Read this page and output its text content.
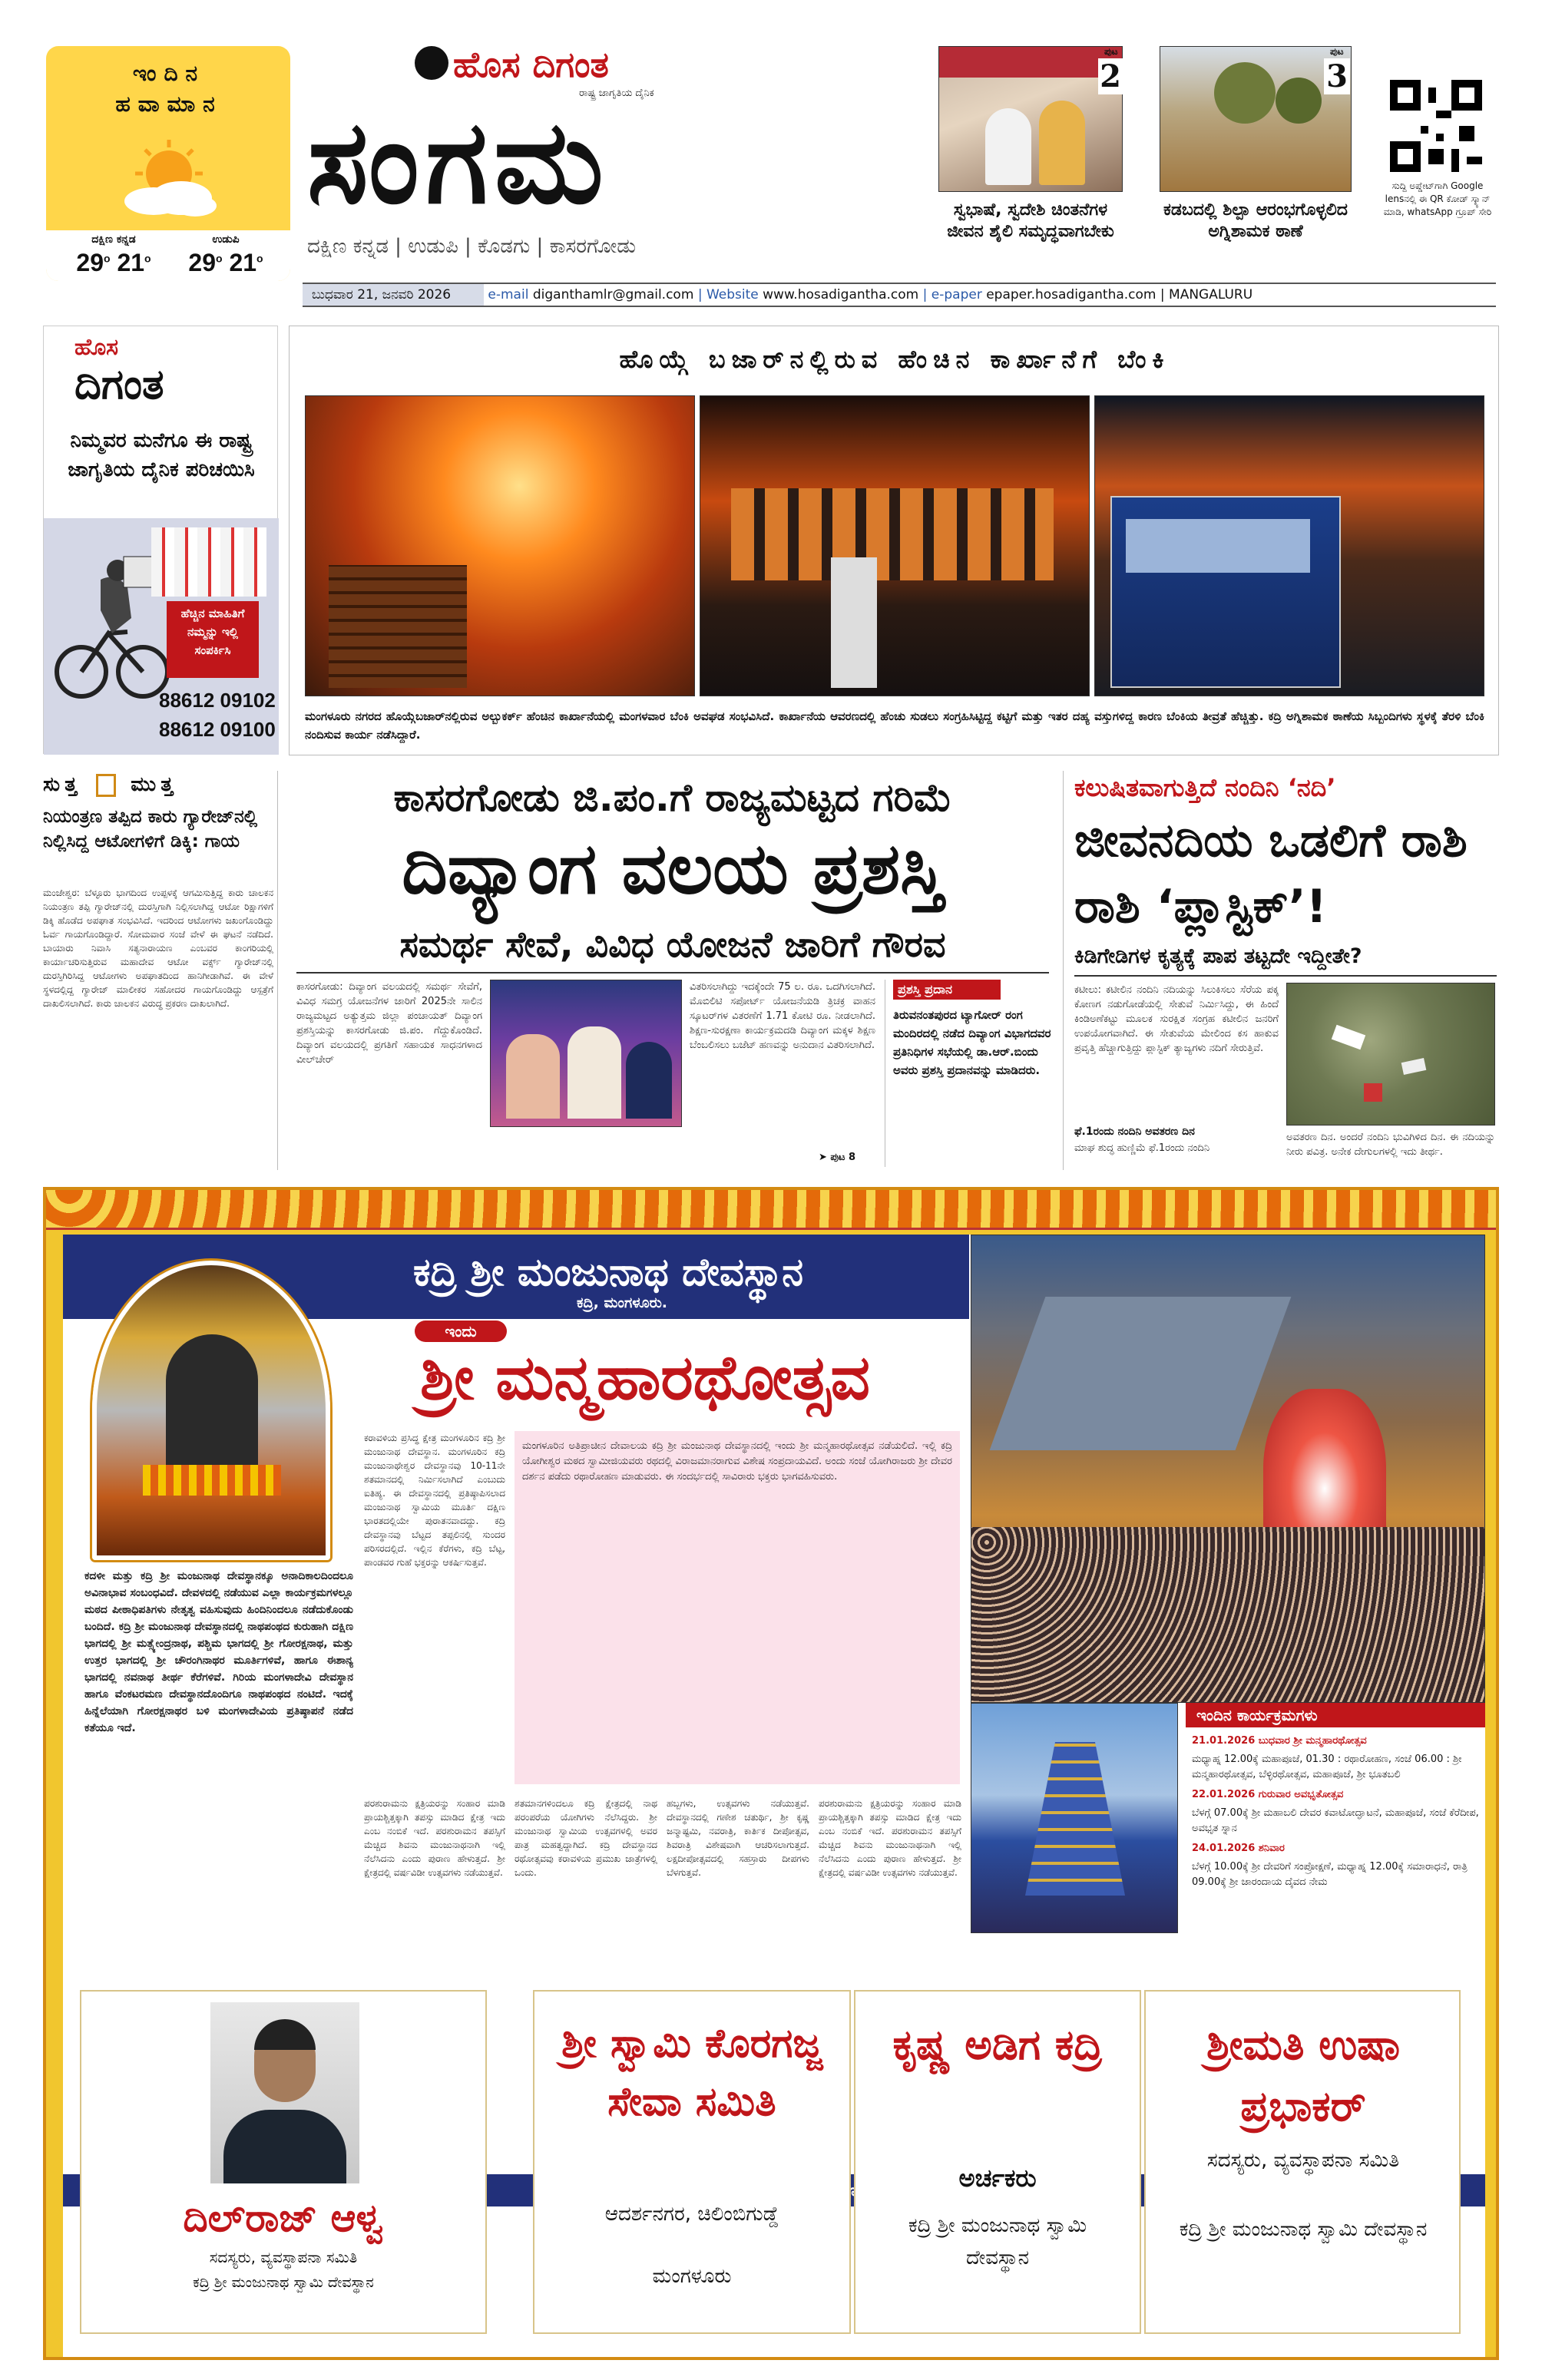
ಇಂದಿನ ಹವಾಮಾನ
ದಕ್ಷಿಣ ಕನ್ನಡ	ಉಡುಪಿ
29$^o$ 21$^o$	29$^o$ 21$^o$
ಹೊಸ ದಿಗಂತ
ರಾಷ್ಟ್ರ ಜಾಗೃತಿಯ ದೈನಿಕ
ಸಂಗಮ
ದಕ್ಷಿಣ ಕನ್ನಡ | ಉಡುಪಿ | ಕೊಡಗು | ಕಾಸರಗೋಡು
ಬುಧವಾರ 21, ಜನವರಿ 2026	e-mail diganthamlr@gmail.com | Website www.hosadigantha.com | e-paper epaper.hosadigantha.com | MANGALURU
ಪುಟ
2
ಸ್ವಭಾಷೆ, ಸ್ವದೇಶಿ ಚಿಂತನೆಗಳ ಜೀವನ ಶೈಲಿ ಸಮೃದ್ಧವಾಗಬೇಕು
ಪುಟ
3
ಕಡಬದಲ್ಲಿ ಶಿಲ್ಪಾ ಆರಂಭಗೊಳ್ಳಲಿದ ಅಗ್ನಿಶಾಮಕ ಠಾಣೆ
ಸುದ್ದಿ ಅಪ್ಡೇಟ್‌ಗಾಗಿ Google lensನಲ್ಲಿ ಈ QR ಕೋಡ್ ಸ್ಕ್ಯಾನ್ ಮಾಡಿ, whatsApp ಗ್ರೂಪ್ ಸೇರಿ
ಹೊಸ
ದಿಗಂತ
ನಿಮ್ಮವರ ಮನೆಗೂ ಈ ರಾಷ್ಟ್ರ ಜಾಗೃತಿಯ ದೈನಿಕ ಪರಿಚಯಿಸಿ
ಹೆಚ್ಚಿನ ಮಾಹಿತಿಗೆ ನಮ್ಮನ್ನು ಇಲ್ಲಿ ಸಂಪರ್ಕಿಸಿ
88612 09102
88612 09100
ಹೊಯ್ಗೆ ಬಜಾರ್‌ನಲ್ಲಿರುವ ಹೆಂಚಿನ ಕಾರ್ಖಾನೆಗೆ ಬೆಂಕಿ
ಮಂಗಳೂರು ನಗರದ ಹೊಯ್ಗೆಬಜಾರ್‌ನಲ್ಲಿರುವ ಅಲ್ಬುಕರ್ಕ್ ಹೆಂಚಿನ ಕಾರ್ಖಾನೆಯಲ್ಲಿ ಮಂಗಳವಾರ ಬೆಂಕಿ ಅವಘಡ ಸಂಭವಿಸಿದೆ. ಕಾರ್ಖಾನೆಯ ಆವರಣದಲ್ಲಿ ಹೆಂಚು ಸುಡಲು ಸಂಗ್ರಹಿಸಿಟ್ಟಿದ್ದ ಕಟ್ಟಿಗೆ ಮತ್ತು ಇತರ ದಹ್ಯ ವಸ್ತುಗಳಿದ್ದ ಕಾರಣ ಬೆಂಕಿಯ ತೀವ್ರತೆ ಹೆಚ್ಚಿತ್ತು. ಕದ್ರಿ ಅಗ್ನಿಶಾಮಕ ಠಾಣೆಯ ಸಿಬ್ಬಂದಿಗಳು ಸ್ಥಳಕ್ಕೆ ತೆರಳಿ ಬೆಂಕಿ ನಂದಿಸುವ ಕಾರ್ಯ ನಡೆಸಿದ್ದಾರೆ.
ಸುತ್ತ ಮುತ್ತ
ನಿಯಂತ್ರಣ ತಪ್ಪಿದ ಕಾರು ಗ್ಯಾರೇಜ್‌ನಲ್ಲಿ ನಿಲ್ಲಿಸಿದ್ದ ಆಟೋಗಳಿಗೆ ಡಿಕ್ಕಿ: ಗಾಯ
ಮಂಜೇಶ್ವರ: ಬೆಳ್ಳೂರು ಭಾಗದಿಂದ ಉಪ್ಪಳಕ್ಕೆ ಆಗಮಿಸುತ್ತಿದ್ದ ಕಾರು ಚಾಲಕನ ನಿಯಂತ್ರಣ ತಪ್ಪಿ ಗ್ಯಾರೇಜ್‌ನಲ್ಲಿ ದುರಸ್ತಿಗಾಗಿ ನಿಲ್ಲಿಸಲಾಗಿದ್ದ ಆಟೋ ರಿಕ್ಷಾಗಳಿಗೆ ಡಿಕ್ಕಿ ಹೊಡೆದ ಅಪಘಾತ ಸಂಭವಿಸಿದೆ. ಇದರಿಂದ ಆಟೋಗಳು ಜಖಂಗೊಂಡಿದ್ದು ಓರ್ವ ಗಾಯಗೊಂಡಿದ್ದಾರೆ. ಸೋಮವಾರ ಸಂಜೆ ವೇಳೆ ಈ ಘಟನೆ ನಡೆದಿದೆ. ಬಾಯಾರು ನಿವಾಸಿ ಸತ್ಯನಾರಾಯಣ ಎಂಬವರ ಕಾಂಗರಿಯಲ್ಲಿ ಕಾರ್ಯಾಚರಿಸುತ್ತಿರುವ ಮಹಾದೇವ ಆಟೋ ವರ್ಕ್ಸ್ ಗ್ಯಾರೇಜ್‌ನಲ್ಲಿ ದುರಸ್ತಿಗಿರಿಸಿದ್ದ ಆಟೋಗಳು ಅಪಘಾತದಿಂದ ಹಾನಿಗೀಡಾಗಿವೆ. ಈ ವೇಳೆ ಸ್ಥಳದಲ್ಲಿದ್ದ ಗ್ಯಾರೇಜ್ ಮಾಲೀಕರ ಸಹೋದರ ಗಾಯಗೊಂಡಿದ್ದು ಆಸ್ಪತ್ರೆಗೆ ದಾಖಲಿಸಲಾಗಿದೆ. ಕಾರು ಚಾಲಕನ ವಿರುದ್ಧ ಪ್ರಕರಣ ದಾಖಲಾಗಿದೆ.
ಕಾಸರಗೋಡು ಜಿ.ಪಂ.ಗೆ ರಾಜ್ಯಮಟ್ಟದ ಗರಿಮೆ
ದಿವ್ಯಾಂಗ ವಲಯ ಪ್ರಶಸ್ತಿ
ಸಮರ್ಥ ಸೇವೆ, ವಿವಿಧ ಯೋಜನೆ ಜಾರಿಗೆ ಗೌರವ
ಕಾಸರಗೋಡು: ದಿವ್ಯಾಂಗ ವಲಯದಲ್ಲಿ ಸಮರ್ಥ ಸೇವೆಗೆ, ವಿವಿಧ ಸಮಗ್ರ ಯೋಜನೆಗಳ ಜಾರಿಗೆ 2025ನೇ ಸಾಲಿನ ರಾಜ್ಯಮಟ್ಟದ ಅತ್ಯುತ್ತಮ ಜಿಲ್ಲಾ ಪಂಚಾಯತ್ ದಿವ್ಯಾಂಗ ಪ್ರಶಸ್ತಿಯನ್ನು ಕಾಸರಗೋಡು ಜಿ.ಪಂ. ಗೆದ್ದುಕೊಂಡಿದೆ. ದಿವ್ಯಾಂಗ ವಲಯದಲ್ಲಿ ಪ್ರಗತಿಗೆ ಸಹಾಯಕ ಸಾಧನಗಳಾದ ವೀಲ್‌ಚೇರ್
ವಿತರಿಸಲಾಗಿದ್ದು ಇದಕ್ಕೆಂದೇ 75 ಲ. ರೂ. ಒದಗಿಸಲಾಗಿದೆ. ಮೊಬಿಲಿಟಿ ಸಪೋರ್ಟ್ ಯೋಜನೆಯಡಿ ತ್ರಿಚಕ್ರ ವಾಹನ ಸ್ಕೂಟರ್‌ಗಳ ವಿತರಣೆಗೆ 1.71 ಕೋಟಿ ರೂ. ನೀಡಲಾಗಿದೆ. ಶಿಕ್ಷಣ-ಸುರಕ್ಷಣಾ ಕಾರ್ಯಕ್ರಮದಡಿ ದಿವ್ಯಾಂಗ ಮಕ್ಕಳ ಶಿಕ್ಷಣ ಬೆಂಬಲಿಸಲು ಬಜೆಟ್ ಹಣವನ್ನು ಅನುದಾನ ವಿತರಿಸಲಾಗಿದೆ.
➤ ಪುಟ 8
ಪ್ರಶಸ್ತಿ ಪ್ರದಾನ
ತಿರುವನಂತಪುರದ ಟ್ಯಾಗೋರ್ ರಂಗ ಮಂದಿರದಲ್ಲಿ ನಡೆದ ದಿವ್ಯಾಂಗ ವಿಭಾಗದವರ ಪ್ರತಿನಿಧಿಗಳ ಸಭೆಯಲ್ಲಿ ಡಾ.ಆರ್.ಬಿಂದು ಅವರು ಪ್ರಶಸ್ತಿ ಪ್ರದಾನವನ್ನು ಮಾಡಿದರು.
ಕಲುಷಿತವಾಗುತ್ತಿದೆ ನಂದಿನಿ ‘ನದಿ’
ಜೀವನದಿಯ ಒಡಲಿಗೆ ರಾಶಿ ರಾಶಿ ‘ಪ್ಲಾಸ್ಟಿಕ್’!
ಕಿಡಿಗೇಡಿಗಳ ಕೃತ್ಯಕ್ಕೆ ಪಾಪ ತಟ್ಟದೇ ಇದ್ದೀತೇ?
ಕಟೀಲು: ಕಟೀಲಿನ ನಂದಿನಿ ನದಿಯನ್ನು ಸಿಲುಕಿಸಲು ಸೆರೆಯ ಪಕ್ಕ ಕೋಣಗ ನಡುಗೋಡೆಯಲ್ಲಿ ಸೇತುವೆ ನಿರ್ಮಿಸಿದ್ದು, ಈ ಹಿಂದೆ ಕಿಂಡಿಅಣೆಕಟ್ಟು ಮೂಲಕ ಸುರಕ್ಷಿತ ಸಂಗ್ರಹ ಕಟೀಲಿನ ಜನರಿಗೆ ಉಪಯೋಗವಾಗಿದೆ. ಈ ಸೇತುವೆಯ ಮೇಲಿಂದ ಕಸ ಹಾಕುವ ಪ್ರವೃತ್ತಿ ಹೆಚ್ಚಾಗುತ್ತಿದ್ದು ಪ್ಲಾಸ್ಟಿಕ್ ತ್ಯಾಜ್ಯಗಳು ನದಿಗೆ ಸೇರುತ್ತಿವೆ.
ಫೆ.1ರಂದು ನಂದಿನಿ ಅವತರಣ ದಿನ
ಮಾಘ ಶುದ್ಧ ಹುಣ್ಣಿಮೆ ಫೆ.1ರಂದು ನಂದಿನಿ
ಅವತರಣ ದಿನ. ಅಂದರೆ ನಂದಿನಿ ಭುವಿಗಿಳಿದ ದಿನ. ಈ ನದಿಯನ್ನು ನೀರು ಪವಿತ್ರ. ಅನೇಕ ದೇಗುಲಗಳಲ್ಲಿ ಇದು ತೀರ್ಥ.
ಕದ್ರಿ ಶ್ರೀ ಮಂಜುನಾಥ ದೇವಸ್ಥಾನ
ಕದ್ರಿ, ಮಂಗಳೂರು.
ಇಂದು
ಶ್ರೀ ಮನ್ಮಹಾರಥೋತ್ಸವ
ಕದಳೀ ಮತ್ತು ಕದ್ರಿ ಶ್ರೀ ಮಂಜುನಾಥ ದೇವಸ್ಥಾನಕ್ಕೂ ಅನಾದಿಕಾಲದಿಂದಲೂ ಅವಿನಾಭಾವ ಸಂಬಂಧವಿದೆ. ದೇವಳದಲ್ಲಿ ನಡೆಯುವ ಎಲ್ಲಾ ಕಾರ್ಯಕ್ರಮಗಳಲ್ಲೂ ಮಠದ ಪೀಠಾಧಿಪತಿಗಳು ನೇತೃತ್ವ ವಹಿಸುವುದು ಹಿಂದಿನಿಂದಲೂ ನಡೆದುಕೊಂಡು ಬಂದಿದೆ. ಕದ್ರಿ ಶ್ರೀ ಮಂಜುನಾಥ ದೇವಸ್ಥಾನದಲ್ಲಿ ನಾಥಪಂಥದ ಕುರುಹಾಗಿ ದಕ್ಷಿಣ ಭಾಗದಲ್ಲಿ ಶ್ರೀ ಮತ್ಸ್ಯೇಂದ್ರನಾಥ, ಪಶ್ಚಿಮ ಭಾಗದಲ್ಲಿ ಶ್ರೀ ಗೋರಕ್ಷನಾಥ, ಮತ್ತು ಉತ್ತರ ಭಾಗದಲ್ಲಿ ಶ್ರೀ ಚೌರಂಗಿನಾಥರ ಮೂರ್ತಿಗಳಿವೆ, ಹಾಗೂ ಈಶಾನ್ಯ ಭಾಗದಲ್ಲಿ ನವನಾಥ ತೀರ್ಥ ಕೆರೆಗಳಿವೆ. ಗಿರಿಯ ಮಂಗಳಾದೇವಿ ದೇವಸ್ಥಾನ ಹಾಗೂ ವೆಂಕಟರಮಣ ದೇವಸ್ಥಾನದೊಂದಿಗೂ ನಾಥಪಂಥದ ನಂಟಿದೆ. ಇದಕ್ಕೆ ಹಿನ್ನೆಲೆಯಾಗಿ ಗೋರಕ್ಷನಾಥರ ಬಳಿ ಮಂಗಳಾದೇವಿಯ ಪ್ರತಿಷ್ಠಾಪನೆ ನಡೆದ ಕತೆಯೂ ಇದೆ.
ಕರಾವಳಿಯ ಪ್ರಸಿದ್ಧ ಕ್ಷೇತ್ರ ಮಂಗಳೂರಿನ ಕದ್ರಿ ಶ್ರೀ ಮಂಜುನಾಥ ದೇವಸ್ಥಾನ. ಮಂಗಳೂರಿನ ಕದ್ರಿ ಮಂಜುನಾಥೇಶ್ವರ ದೇವಸ್ಥಾನವು 10-11ನೇ ಶತಮಾನದಲ್ಲಿ ನಿರ್ಮಿಸಲಾಗಿದೆ ಎಂಬುದು ಐತಿಹ್ಯ. ಈ ದೇವಸ್ಥಾನದಲ್ಲಿ ಪ್ರತಿಷ್ಠಾಪಿಸಲಾದ ಮಂಜುನಾಥ ಸ್ವಾಮಿಯ ಮೂರ್ತಿ ದಕ್ಷಿಣ ಭಾರತದಲ್ಲಿಯೇ ಪುರಾತನವಾದದ್ದು. ಕದ್ರಿ ದೇವಸ್ಥಾನವು ಬೆಟ್ಟದ ತಪ್ಪಲಿನಲ್ಲಿ ಸುಂದರ ಪರಿಸರದಲ್ಲಿದೆ. ಇಲ್ಲಿನ ಕೆರೆಗಳು, ಕದ್ರಿ ಬೆಟ್ಟ, ಪಾಂಡವರ ಗುಹೆ ಭಕ್ತರನ್ನು ಆಕರ್ಷಿಸುತ್ತವೆ.
ಪರಶುರಾಮನು ಕ್ಷತ್ರಿಯರನ್ನು ಸಂಹಾರ ಮಾಡಿ ಪ್ರಾಯಶ್ಚಿತ್ತಕ್ಕಾಗಿ ತಪಸ್ಸು ಮಾಡಿದ ಕ್ಷೇತ್ರ ಇದು ಎಂಬ ನಂಬಿಕೆ ಇದೆ. ಪರಶುರಾಮನ ತಪಸ್ಸಿಗೆ ಮೆಚ್ಚಿದ ಶಿವನು ಮಂಜುನಾಥನಾಗಿ ಇಲ್ಲಿ ನೆಲೆಸಿದನು ಎಂದು ಪುರಾಣ ಹೇಳುತ್ತದೆ. ಶ್ರೀ ಕ್ಷೇತ್ರದಲ್ಲಿ ವರ್ಷವಿಡೀ ಉತ್ಸವಗಳು ನಡೆಯುತ್ತವೆ.
ಮಂಗಳೂರಿನ ಅತಿಪ್ರಾಚೀನ ದೇವಾಲಯ ಕದ್ರಿ ಶ್ರೀ ಮಂಜುನಾಥ ದೇವಸ್ಥಾನದಲ್ಲಿ ಇಂದು ಶ್ರೀ ಮನ್ಮಹಾರಥೋತ್ಸವ ನಡೆಯಲಿದೆ. ಇಲ್ಲಿ ಕದ್ರಿ ಯೋಗೀಶ್ವರ ಮಠದ ಸ್ವಾಮೀಜಿಯವರು ರಥದಲ್ಲಿ ವಿರಾಜಮಾನರಾಗುವ ವಿಶೇಷ ಸಂಪ್ರದಾಯವಿದೆ. ಅಂದು ಸಂಜೆ ಯೋಗಿರಾಜರು ಶ್ರೀ ದೇವರ ದರ್ಶನ ಪಡೆದು ರಥಾರೋಹಣ ಮಾಡುವರು. ಈ ಸಂದರ್ಭದಲ್ಲಿ ಸಾವಿರಾರು ಭಕ್ತರು ಭಾಗವಹಿಸುವರು.
ಶತಮಾನಗಳಿಂದಲೂ ಕದ್ರಿ ಕ್ಷೇತ್ರದಲ್ಲಿ ನಾಥ ಪರಂಪರೆಯ ಯೋಗಿಗಳು ನೆಲೆಸಿದ್ದರು. ಶ್ರೀ ಮಂಜುನಾಥ ಸ್ವಾಮಿಯ ಉತ್ಸವಗಳಲ್ಲಿ ಅವರ ಪಾತ್ರ ಮಹತ್ವದ್ದಾಗಿದೆ. ಕದ್ರಿ ದೇವಸ್ಥಾನದ ರಥೋತ್ಸವವು ಕರಾವಳಿಯ ಪ್ರಮುಖ ಜಾತ್ರೆಗಳಲ್ಲಿ ಒಂದು.
ಹಬ್ಬಗಳು, ಉತ್ಸವಗಳು ನಡೆಯುತ್ತವೆ. ದೇವಸ್ಥಾನದಲ್ಲಿ ಗಣೇಶ ಚತುರ್ಥಿ, ಶ್ರೀ ಕೃಷ್ಣ ಜನ್ಮಾಷ್ಟಮಿ, ನವರಾತ್ರಿ, ಕಾರ್ತಿಕ ದೀಪೋತ್ಸವ, ಶಿವರಾತ್ರಿ ವಿಶೇಷವಾಗಿ ಆಚರಿಸಲಾಗುತ್ತದೆ. ಲಕ್ಷದೀಪೋತ್ಸವದಲ್ಲಿ ಸಹಸ್ರಾರು ದೀಪಗಳು ಬೆಳಗುತ್ತವೆ.
ಪರಶುರಾಮನು ಕ್ಷತ್ರಿಯರನ್ನು ಸಂಹಾರ ಮಾಡಿ ಪ್ರಾಯಶ್ಚಿತ್ತಕ್ಕಾಗಿ ತಪಸ್ಸು ಮಾಡಿದ ಕ್ಷೇತ್ರ ಇದು ಎಂಬ ನಂಬಿಕೆ ಇದೆ. ಪರಶುರಾಮನ ತಪಸ್ಸಿಗೆ ಮೆಚ್ಚಿದ ಶಿವನು ಮಂಜುನಾಥನಾಗಿ ಇಲ್ಲಿ ನೆಲೆಸಿದನು ಎಂದು ಪುರಾಣ ಹೇಳುತ್ತದೆ. ಶ್ರೀ ಕ್ಷೇತ್ರದಲ್ಲಿ ವರ್ಷವಿಡೀ ಉತ್ಸವಗಳು ನಡೆಯುತ್ತವೆ.
ಇಂದಿನ ಕಾರ್ಯಕ್ರಮಗಳು
21.01.2026 ಬುಧವಾರ ಶ್ರೀ ಮನ್ಮಹಾರಥೋತ್ಸವ
ಮಧ್ಯಾಹ್ನ 12.00ಕ್ಕೆ ಮಹಾಪೂಜೆ, 01.30 : ರಥಾರೋಹಣ, ಸಂಜೆ 06.00 : ಶ್ರೀ ಮನ್ಮಹಾರಥೋತ್ಸವ, ಬೆಳ್ಳಿರಥೋತ್ಸವ, ಮಹಾಪೂಜೆ, ಶ್ರೀ ಭೂತಬಲಿ
22.01.2026 ಗುರುವಾರ ಅವಭೃತೋತ್ಸವ
ಬೆಳಗ್ಗೆ 07.00ಕ್ಕೆ ಶ್ರೀ ಮಹಾಬಲಿ ದೇವರ ಕವಾಟೋದ್ಘಾಟನೆ, ಮಹಾಪೂಜೆ, ಸಂಜೆ ಕೆರೆದೀಪ, ಅವಭೃತ ಸ್ನಾನ
24.01.2026 ಶನಿವಾರ
ಬೆಳಗ್ಗೆ 10.00ಕ್ಕೆ ಶ್ರೀ ದೇವರಿಗೆ ಸಂಪ್ರೋಕ್ಷಣೆ, ಮಧ್ಯಾಹ್ನ 12.00ಕ್ಕೆ ಸಮಾರಾಧನೆ, ರಾತ್ರಿ 09.00ಕ್ಕೆ ಶ್ರೀ ಜಾರಂದಾಯ ದೈವದ ನೇಮ
ದಿಲ್‌ರಾಜ್ ಆಳ್ವ
ಸದಸ್ಯರು, ವ್ಯವಸ್ಥಾಪನಾ ಸಮಿತಿ
ಕದ್ರಿ ಶ್ರೀ ಮಂಜುನಾಥ ಸ್ವಾಮಿ ದೇವಸ್ಥಾನ
ಶ್ರೀ ಸ್ವಾಮಿ ಕೊರಗಜ್ಜ ಸೇವಾ ಸಮಿತಿ
ಆದರ್ಶನಗರ, ಚಿಲಿಂಬಿಗುಡ್ಡೆ
ಮಂಗಳೂರು
ಕೃಷ್ಣ ಅಡಿಗ ಕದ್ರಿ
ಅರ್ಚಕರು
ಕದ್ರಿ ಶ್ರೀ ಮಂಜುನಾಥ ಸ್ವಾಮಿ ದೇವಸ್ಥಾನ
ಶ್ರೀಮತಿ ಉಷಾ ಪ್ರಭಾಕರ್
ಸದಸ್ಯರು, ವ್ಯವಸ್ಥಾಪನಾ ಸಮಿತಿ
ಕದ್ರಿ ಶ್ರೀ ಮಂಜುನಾಥ ಸ್ವಾಮಿ ದೇವಸ್ಥಾನ
